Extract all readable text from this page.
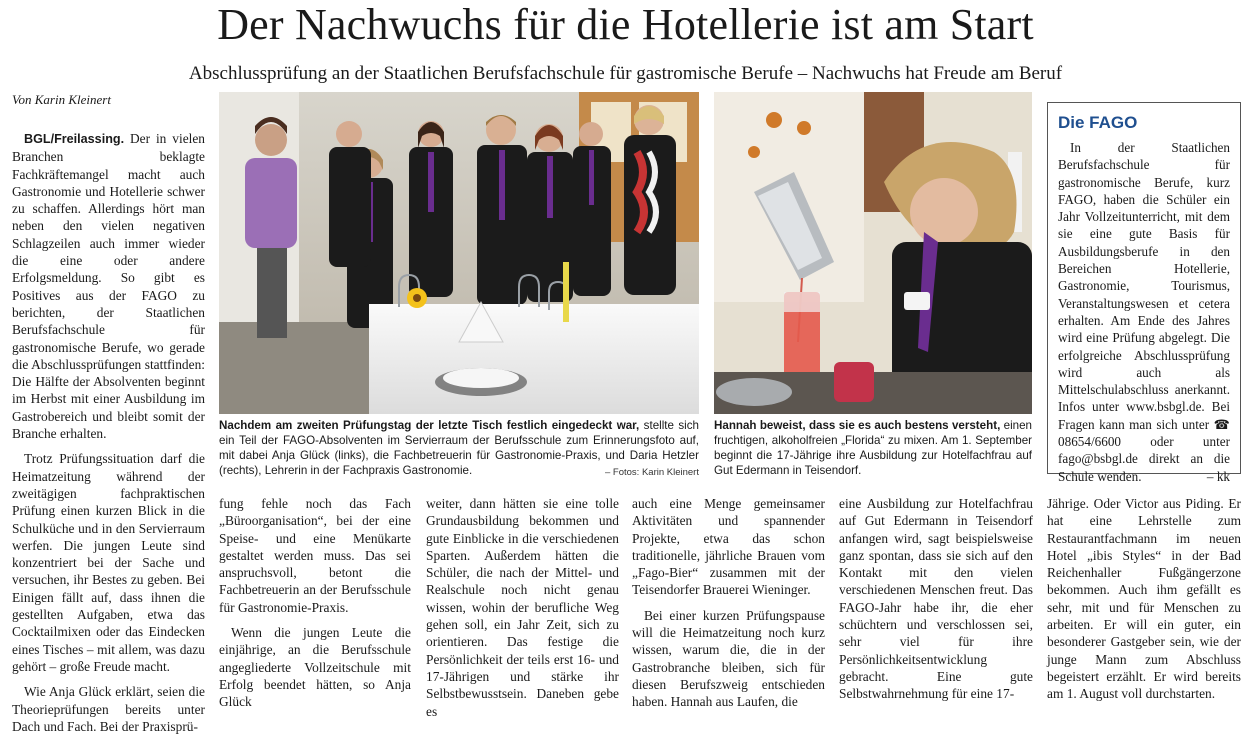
Der Nachwuchs für die Hotellerie ist am Start
Abschlussprüfung an der Staatlichen Berufsfachschule für gastromische Berufe – Nachwuchs hat Freude am Beruf
Von Karin Kleinert

BGL/Freilassing. Der in vielen Branchen beklagte Fachkräftemangel macht auch Gastronomie und Hotellerie schwer zu schaffen. Allerdings hört man neben den vielen negativen Schlagzeilen auch immer wieder die eine oder andere Erfolgsmeldung. So gibt es Positives aus der FAGO zu berichten, der Staatlichen Berufsfachschule für gastronomische Berufe, wo gerade die Abschlussprüfungen stattfinden: Die Hälfte der Absolventen beginnt im Herbst mit einer Ausbildung im Gastrobereich und bleibt somit der Branche erhalten.

Trotz Prüfungssituation darf die Heimatzeitung während der zweitägigen fachpraktischen Prüfung einen kurzen Blick in die Schulküche und in den Servierraum werfen. Die jungen Leute sind konzentriert bei der Sache und versuchen, ihr Bestes zu geben. Bei Einigen fällt auf, dass ihnen die gestellten Aufgaben, etwa das Cocktailmixen oder das Eindecken eines Tisches – mit allem, was dazu gehört – große Freude macht.

Wie Anja Glück erklärt, seien die Theorieprüfungen bereits unter Dach und Fach. Bei der Praxisprü-

Nachdem am zweiten Prüfungstag der letzte Tisch festlich eingedeckt war, stellte sich ein Teil der FAGO-Absolventen im Servierraum der Berufsschule zum Erinnerungsfoto auf, mit dabei Anja Glück (links), die Fachbetreuerin für Gastronomie-Praxis, und Daria Hetzler (rechts), Lehrerin in der Fachpraxis Gastronomie.	– Fotos: Karin Kleinert
Hannah beweist, dass sie es auch bestens versteht, einen fruchtigen, alkoholfreien „Florida“ zu mixen. Am 1. September beginnt die 17-Jährige ihre Ausbildung zur Hotelfachfrau auf Gut Edermann in Teisendorf.
Die FAGO

In der Staatlichen Berufsfachschule für gastronomische Berufe, kurz FAGO, haben die Schüler ein Jahr Vollzeitunterricht, mit dem sie eine gute Basis für Ausbildungsberufe in den Bereichen Hotellerie, Gastronomie, Tourismus, Veranstaltungswesen et cetera erhalten. Am Ende des Jahres wird eine Prüfung abgelegt. Die erfolgreiche Abschlussprüfung wird auch als Mittelschulabschluss anerkannt. Infos unter www.bsbgl.de. Bei Fragen kann man sich unter ☎ 08654/6600 oder unter fago@bsbgl.de direkt an die Schule wenden.	– kk

fung fehle noch das Fach „Büroorganisation“, bei der eine Speise- und eine Menükarte gestaltet werden muss. Das sei anspruchsvoll, betont die Fachbetreuerin an der Berufsschule für Gastronomie-Praxis.

Wenn die jungen Leute die einjährige, an die Berufsschule angegliederte Vollzeitschule mit Erfolg beendet hätten, so Anja Glück

weiter, dann hätten sie eine tolle Grundausbildung bekommen und gute Einblicke in die verschiedenen Sparten. Außerdem hätten die Schüler, die nach der Mittel- und Realschule noch nicht genau wissen, wohin der berufliche Weg gehen soll, ein Jahr Zeit, sich zu orientieren. Das festige die Persönlichkeit der teils erst 16- und 17-Jährigen und stärke ihr Selbstbewusstsein. Daneben gebe es

auch eine Menge gemeinsamer Aktivitäten und spannender Projekte, etwa das schon traditionelle, jährliche Brauen vom „Fago-Bier“ zusammen mit der Teisendorfer Brauerei Wieninger.

Bei einer kurzen Prüfungspause will die Heimatzeitung noch kurz wissen, warum die, die in der Gastrobranche bleiben, sich für diesen Berufszweig entschieden haben. Hannah aus Laufen, die

eine Ausbildung zur Hotelfachfrau auf Gut Edermann in Teisendorf anfangen wird, sagt beispielsweise ganz spontan, dass sie sich auf den Kontakt mit den vielen verschiedenen Menschen freut. Das FAGO-Jahr habe ihr, die eher schüchtern und verschlossen sei, sehr viel für ihre Persönlichkeitsentwicklung gebracht. Eine gute Selbstwahrnehmung für eine 17-

Jährige. Oder Victor aus Piding. Er hat eine Lehrstelle zum Restaurantfachmann im neuen Hotel „ibis Styles“ in der Bad Reichenhaller Fußgängerzone bekommen. Auch ihm gefällt es sehr, mit und für Menschen zu arbeiten. Er will ein guter, ein besonderer Gastgeber sein, wie der junge Mann zum Abschluss begeistert erzählt. Er wird bereits am 1. August voll durchstarten.
